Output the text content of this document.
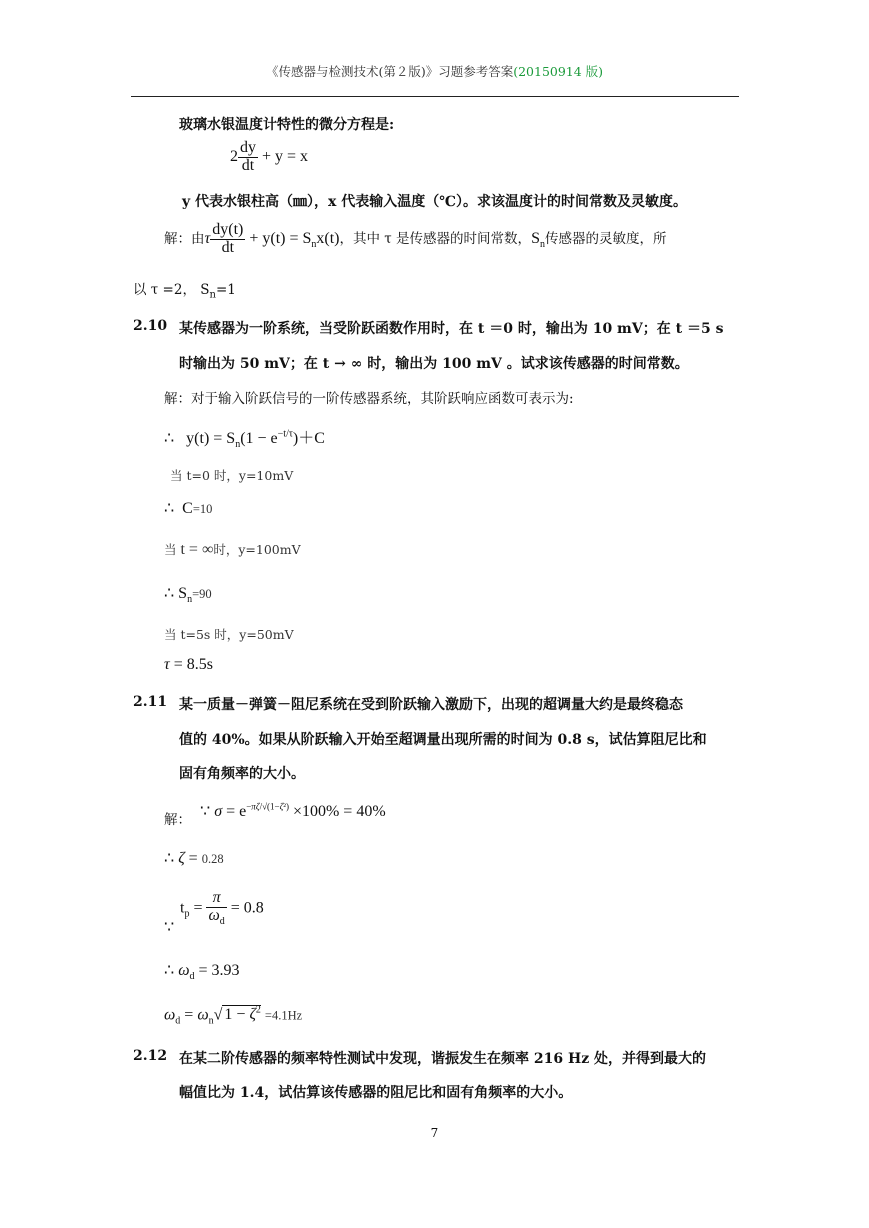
《传感器与检测技术(第２版)》习题参考答案(20150914 版)
玻璃水银温度计特性的微分方程是:
$2 \frac{dy}{dt} + y = x$
y 代表水银柱高（㎜），x 代表输入温度（℃）。求该温度计的时间常数及灵敏度。
解：由τ $\frac{dy(t)}{dt} + y(t) = S_nx(t)$，其中 τ 是传感器的时间常数，$S_n$传感器的灵敏度，所
以 τ =2， $S_n=1$
2.10 某传感器为一阶系统，当受阶跃函数作用时，在 t ＝0 时，输出为 10 mV；在 t ＝5 s
时输出为 50 mV；在 t → ∞ 时，输出为 100 mV 。试求该传感器的时间常数。
解：对于输入阶跃信号的一阶传感器系统，其阶跃响应函数可表示为:
∴   $y(t) = S_n(1 - e^{-t/\tau})+C$
当 t=0 时，y=10mV
∴  C=10
当 t = ∞时，y=100mV
∴ $S_n=90$
当 t=5s 时，y=50mV
τ = 8.5s
2.11 某一质量－弹簧－阻尼系统在受到阶跃输入激励下，出现的超调量大约是最终稳态
值的 40%。如果从阶跃输入开始至超调量出现所需的时间为 0.8 s，试估算阻尼比和
固有角频率的大小。
解： ∵ $\sigma = e^{-\pi\zeta/√(1-\zeta^2)} \times 100\% = 40\%$
∴ ζ = 0.28
$t_p = \frac{\pi}{\omega_d} = 0.8$
∵
∴ $\omega_d = 3.93$
$\omega_d = \omega_n√$ $1 - \zeta^2 =4.1Hz$
2.12 在某二阶传感器的频率特性测试中发现，谐振发生在频率 216 Hz 处，并得到最大的
幅值比为 1.4，试估算该传感器的阻尼比和固有角频率的大小。
7
